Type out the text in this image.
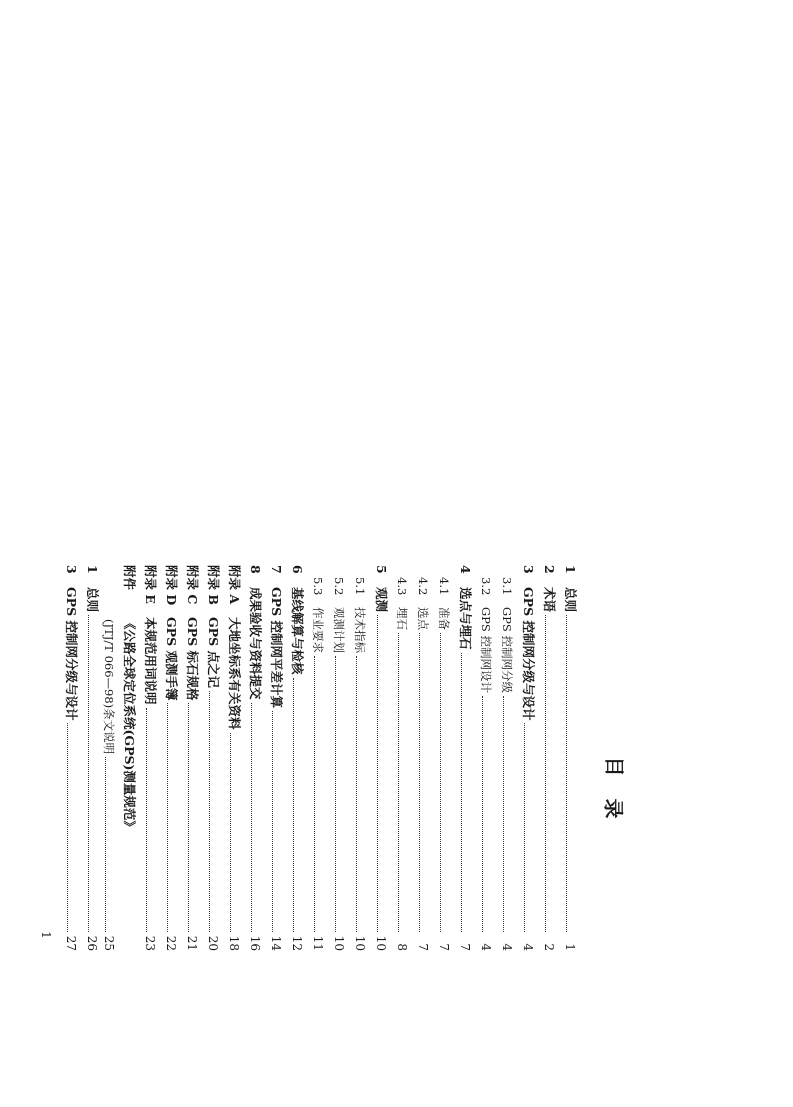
目
录
1
总则
1
2
术语
2
3
GPS 控制网分级与设计
4
3.1
GPS 控制网分级
4
3.2
GPS 控制网设计
4
4
选点与埋石
7
4.1
准备
7
4.2
选点
7
4.3
埋石
8
5
观测
10
5.1
技术指标
10
5.2
观测计划
10
5.3
作业要求
11
6
基线解算与检核
12
7
GPS 控制网平差计算
14
8
成果验收与资料提交
16
附录 A
大地坐标系有关资料
18
附录 B
GPS 点之记
20
附录 C
GPS 标石规格
21
附录 D
GPS 观测手簿
22
附录 E
本规范用词说明
23
附件
《公路全球定位系统(GPS)测量规范》
(JTJ/T 066—98)条文说明
25
1
总则
26
3
GPS 控制网分级与设计
27
1
